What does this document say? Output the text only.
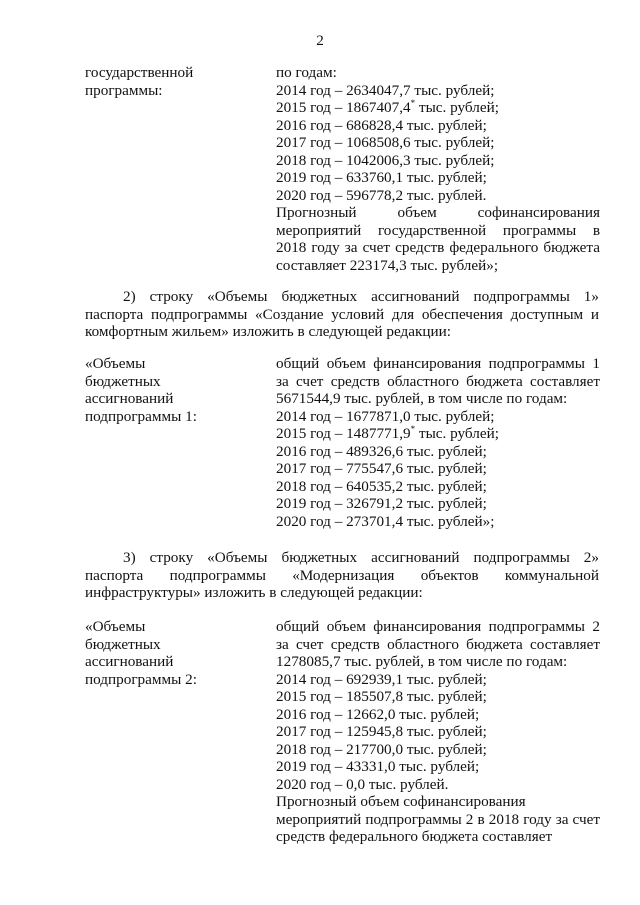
2
государственной
программы:
по годам:
2014 год – 2634047,7 тыс. рублей;
2015 год – 1867407,4* тыс. рублей;
2016 год – 686828,4 тыс. рублей;
2017 год – 1068508,6 тыс. рублей;
2018 год – 1042006,3 тыс. рублей;
2019 год – 633760,1 тыс. рублей;
2020 год – 596778,2 тыс. рублей.
Прогнозный объем софинансирования
мероприятий государственной программы в
2018 году за счет средств федерального бюджета
составляет 223174,3 тыс. рублей»;
2) строку «Объемы бюджетных ассигнований подпрограммы 1»
паспорта подпрограммы «Создание условий для обеспечения доступным и
комфортным жильем» изложить в следующей редакции:
«Объемы
бюджетных
ассигнований
подпрограммы 1:
общий объем финансирования подпрограммы 1
за счет средств областного бюджета составляет
5671544,9 тыс. рублей, в том числе по годам:
2014 год – 1677871,0 тыс. рублей;
2015 год – 1487771,9* тыс. рублей;
2016 год – 489326,6 тыс. рублей;
2017 год – 775547,6 тыс. рублей;
2018 год – 640535,2 тыс. рублей;
2019 год – 326791,2 тыс. рублей;
2020 год – 273701,4 тыс. рублей»;
3) строку «Объемы бюджетных ассигнований подпрограммы 2»
паспорта подпрограммы «Модернизация объектов коммунальной
инфраструктуры» изложить в следующей редакции:
«Объемы
бюджетных
ассигнований
подпрограммы 2:
общий объем финансирования подпрограммы 2
за счет средств областного бюджета составляет
1278085,7 тыс. рублей, в том числе по годам:
2014 год – 692939,1 тыс. рублей;
2015 год – 185507,8 тыс. рублей;
2016 год – 12662,0 тыс. рублей;
2017 год – 125945,8 тыс. рублей;
2018 год – 217700,0 тыс. рублей;
2019 год – 43331,0 тыс. рублей;
2020 год – 0,0 тыс. рублей.
Прогнозный объем софинансирования
мероприятий подпрограммы 2 в 2018 году за счет
средств федерального бюджета составляет
